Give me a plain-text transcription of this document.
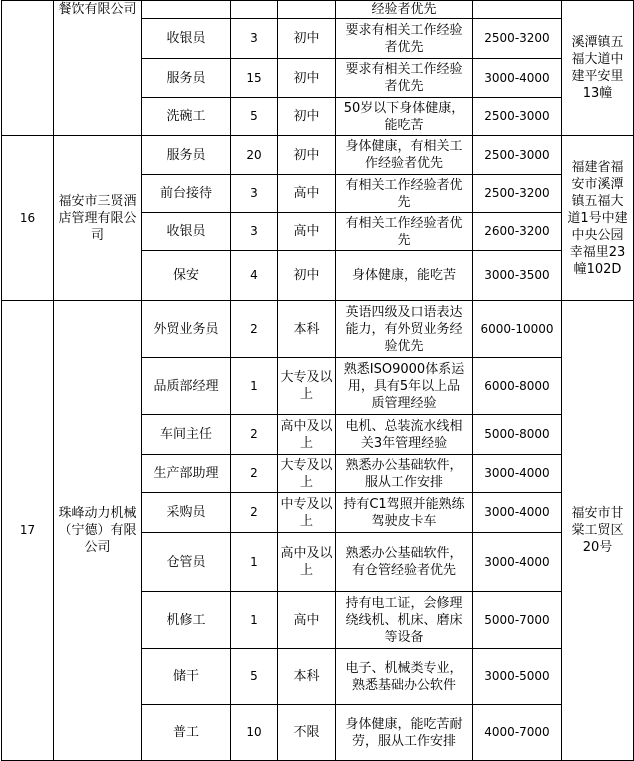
	餐饮有限公司				经验者优先		溪潭镇五福大道中建平安里13幢
		收银员	3	初中	要求有相关工作经验者优先	2500-3200	
		服务员	15	初中	要求有相关工作经验者优先	3000-4000	
		洗碗工	5	初中	50岁以下身体健康，能吃苦	2500-3000	
16	福安市三贤酒店管理有限公司	服务员	20	初中	身体健康，有相关工作经验者优先	2500-3000	福建省福安市溪潭镇五福大道1号中建中央公园幸福里23幢102D
		前台接待	3	高中	有相关工作经验者优先	2500-3200	
		收银员	3	高中	有相关工作经验者优先	2600-3200	
		保安	4	初中	身体健康，能吃苦	3000-3500	
17	珠峰动力机械（宁德）有限公司	外贸业务员	2	本科	英语四级及口语表达能力，有外贸业务经验优先	6000-10000	福安市甘棠工贸区20号
		品质部经理	1	大专及以上	熟悉ISO9000体系运用，具有5年以上品质管理经验	6000-8000	
		车间主任	2	高中及以上	电机、总装流水线相关3年管理经验	5000-8000	
		生产部助理	2	大专及以上	熟悉办公基础软件，服从工作安排	3000-4000	
		采购员	2	中专及以上	持有C1驾照并能熟练驾驶皮卡车	3000-4000	
		仓管员	1	高中及以上	熟悉办公基础软件，有仓管经验者优先	3000-4000	
		机修工	1	高中	持有电工证，会修理绕线机、机床、磨床等设备	5000-7000	
		储干	5	本科	电子、机械类专业，熟悉基础办公软件	3000-5000	
		普工	10	不限	身体健康，能吃苦耐劳，服从工作安排	4000-7000	
